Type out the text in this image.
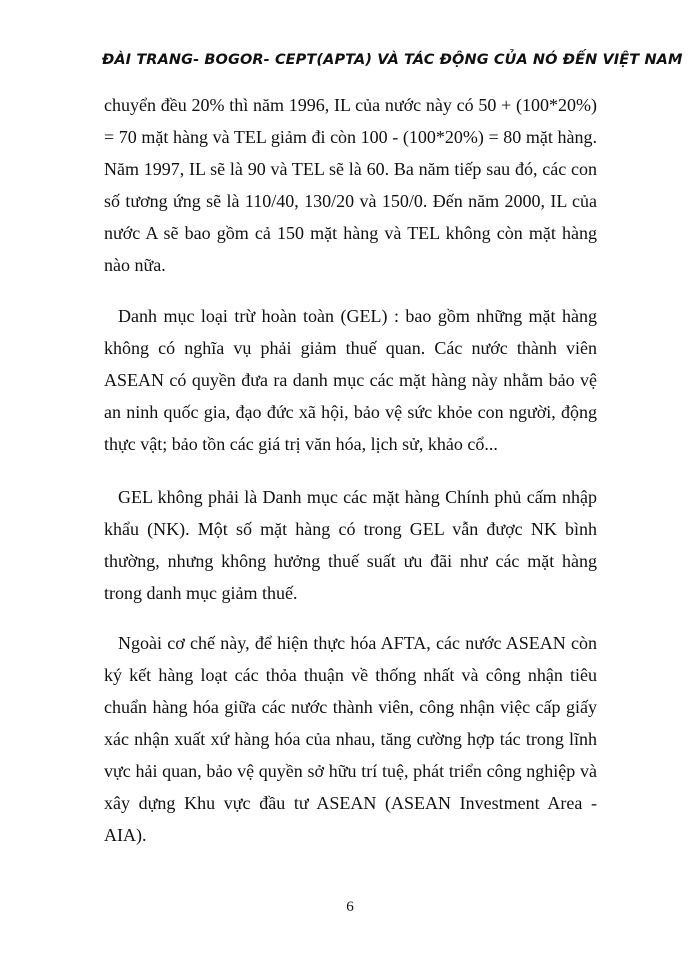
ĐÀI TRANG- BOGOR- CEPT(APTA) VÀ TÁC ĐỘNG CỦA NÓ ĐẾN VIỆT NAM

chuyển đều 20% thì năm 1996, IL của nước này có 50 + (100*20%) = 70 mặt hàng và TEL giảm đi còn 100 - (100*20%) = 80 mặt hàng. Năm 1997, IL sẽ là 90 và TEL sẽ là 60. Ba năm tiếp sau đó, các con số tương ứng sẽ là 110/40, 130/20 và 150/0. Đến năm 2000, IL của nước A sẽ bao gồm cả 150 mặt hàng và TEL không còn mặt hàng nào nữa.

Danh mục loại trừ hoàn toàn (GEL) : bao gồm những mặt hàng không có nghĩa vụ phải giảm thuế quan. Các nước thành viên ASEAN có quyền đưa ra danh mục các mặt hàng này nhằm bảo vệ an ninh quốc gia, đạo đức xã hội, bảo vệ sức khỏe con người, động thực vật; bảo tồn các giá trị văn hóa, lịch sử, khảo cổ...

GEL không phải là Danh mục các mặt hàng Chính phủ cấm nhập khẩu (NK). Một số mặt hàng có trong GEL vẫn được NK bình thường, nhưng không hưởng thuế suất ưu đãi như các mặt hàng trong danh mục giảm thuế.

Ngoài cơ chế này, để hiện thực hóa AFTA, các nước ASEAN còn ký kết hàng loạt các thỏa thuận về thống nhất và công nhận tiêu chuẩn hàng hóa giữa các nước thành viên, công nhận việc cấp giấy xác nhận xuất xứ hàng hóa của nhau, tăng cường hợp tác trong lĩnh vực hải quan, bảo vệ quyền sở hữu trí tuệ, phát triển công nghiệp và xây dựng Khu vực đầu tư ASEAN (ASEAN Investment Area - AIA).

6
